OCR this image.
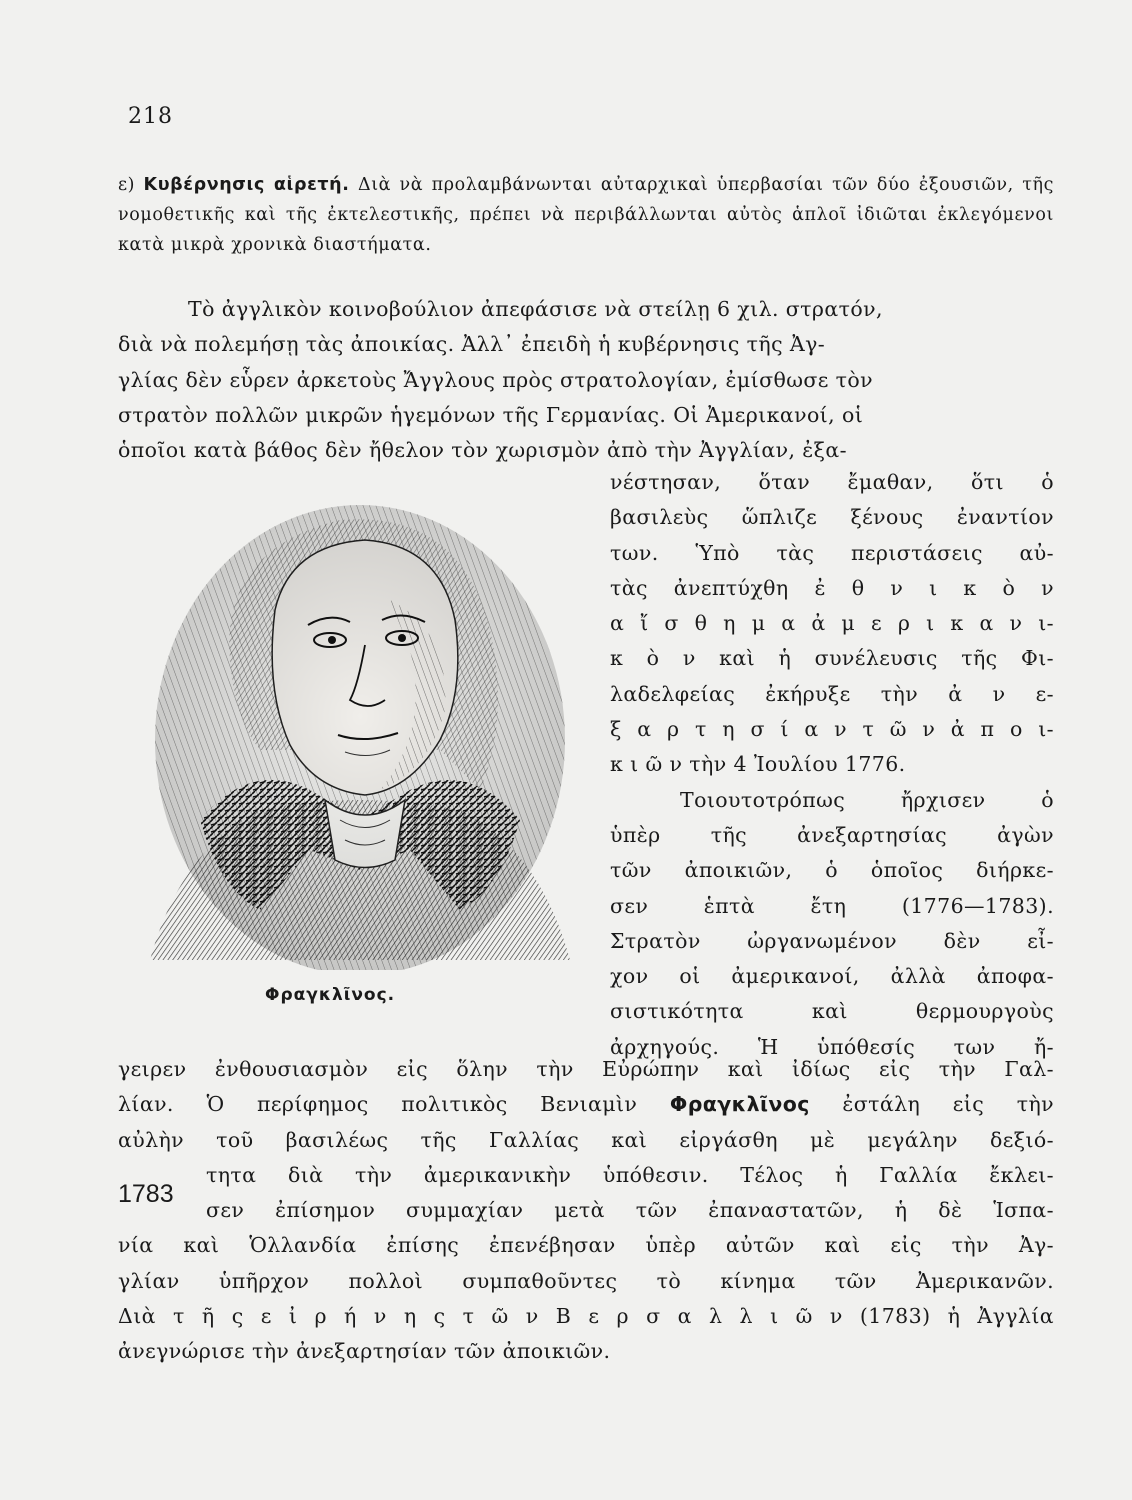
218
ε) Κυβέρνησις αἱρετή. Διὰ νὰ προλαμβάνωνται αὐταρχικαὶ ὑπερβασίαι τῶν δύο ἐξουσιῶν, τῆς νομοθετικῆς καὶ τῆς ἐκτελεστικῆς, πρέπει νὰ περιβάλλωνται αὐτὸς ἁπλοῖ ἰδιῶται ἐκλεγόμενοι κατὰ μικρὰ χρονικὰ διαστήματα.
Τὸ ἀγγλικὸν κοινοβούλιον ἀπεφάσισε νὰ στείλῃ 6 χιλ. στρατόν,
διὰ νὰ πολεμήσῃ τὰς ἀποικίας. Ἀλλ᾽ ἐπειδὴ ἡ κυβέρνησις τῆς Ἀγ-
γλίας δὲν εὗρεν ἀρκετοὺς Ἄγγλους πρὸς στρατολογίαν, ἐμίσθωσε τὸν
στρατὸν πολλῶν μικρῶν ἡγεμόνων τῆς Γερμανίας. Οἱ Ἀμερικανοί, οἱ
ὁποῖοι κατὰ βάθος δὲν ἤθελον τὸν χωρισμὸν ἀπὸ τὴν Ἀγγλίαν, ἐξα-
νέστησαν, ὅταν ἔμαθαν, ὅτι ὁ
βασιλεὺς ὥπλιζε ξένους ἐναντίον
των. Ὑπὸ τὰς περιστάσεις αὐ-
τὰς ἀνεπτύχθη ἐ θ ν ι κ ὸ ν
α ἴ σ θ η μ α ἀ μ ε ρ ι κ α ν ι-
κ ὸ ν καὶ ἡ συνέλευσις τῆς Φι-
λαδελφείας ἐκήρυξε τὴν ἀ ν ε-
ξ α ρ τ η σ ί α ν τ ῶ ν ἀ π ο ι-
κ ι ῶ ν τὴν 4 Ἰουλίου 1776.
Τοιουτοτρόπως ἤρχισεν ὁ
ὑπὲρ τῆς ἀνεξαρτησίας ἀγὼν
τῶν ἀποικιῶν, ὁ ὁποῖος διήρκε-
σεν ἑπτὰ ἔτη (1776—1783).
Στρατὸν ὠργανωμένον δὲν εἶ-
χον οἱ ἀμερικανοί, ἀλλὰ ἀποφα-
σιστικότητα καὶ θερμουργοὺς
ἀρχηγούς. Ἡ ὑπόθεσίς των ἤ-
Φραγκλῖνος.
1783
γειρεν ἐνθουσιασμὸν εἰς ὅλην τὴν Εὐρώπην καὶ ἰδίως εἰς τὴν Γαλ-
λίαν. Ὁ περίφημος πολιτικὸς Βενιαμὶν Φραγκλῖνος ἐστάλη εἰς τὴν
αὐλὴν τοῦ βασιλέως τῆς Γαλλίας καὶ εἰργάσθη μὲ μεγάλην δεξιό-
τητα διὰ τὴν ἀμερικανικὴν ὑπόθεσιν. Τέλος ἡ Γαλλία ἔκλει-
σεν ἐπίσημον συμμαχίαν μετὰ τῶν ἐπαναστατῶν, ἡ δὲ Ἱσπα-
νία καὶ Ὁλλανδία ἐπίσης ἐπενέβησαν ὑπὲρ αὐτῶν καὶ εἰς τὴν Ἀγ-
γλίαν ὑπῆρχον πολλοὶ συμπαθοῦντες τὸ κίνημα τῶν Ἀμερικανῶν.
Διὰ τ ῆ ς ε ἰ ρ ή ν η ς τ ῶ ν Β ε ρ σ α λ λ ι ῶ ν (1783) ἡ Ἀγγλία
ἀνεγνώρισε τὴν ἀνεξαρτησίαν τῶν ἀποικιῶν.
